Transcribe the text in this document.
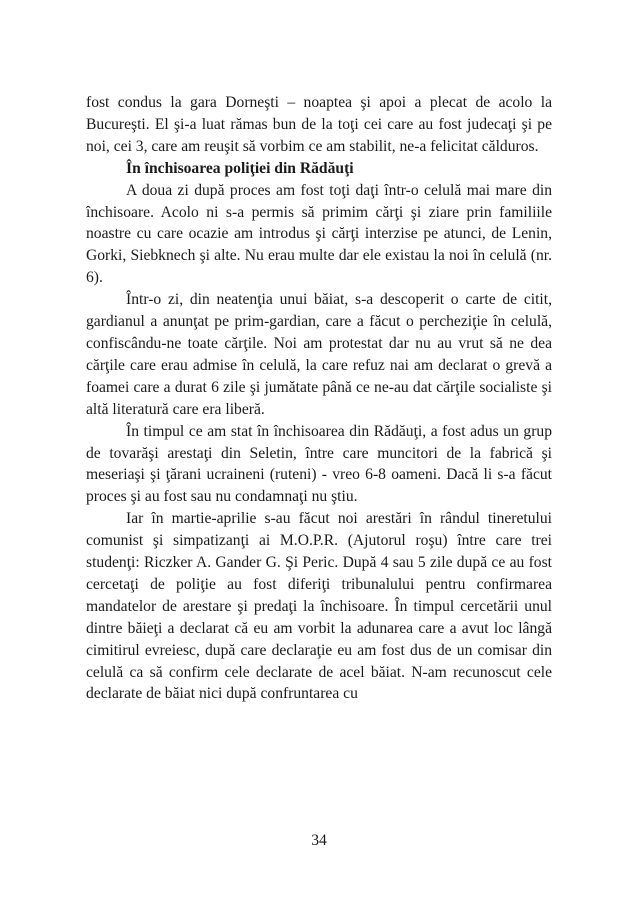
fost condus la gara Dorneşti – noaptea şi apoi a plecat de acolo la Bucureşti. El şi-a luat rămas bun de la toţi cei care au fost judecaţi şi pe noi, cei 3, care am reuşit să vorbim ce am stabilit, ne-a felicitat călduros.

În închisoarea poliţiei din Rădăuţi

A doua zi după proces am fost toţi daţi într-o celulă mai mare din închisoare. Acolo ni s-a permis să primim cărţi şi ziare prin familiile noastre cu care ocazie am introdus şi cărţi interzise pe atunci, de Lenin, Gorki, Siebknech şi alte. Nu erau multe dar ele existau la noi în celulă (nr. 6).

Într-o zi, din neatenţia unui băiat, s-a descoperit o carte de citit, gardianul a anunţat pe prim-gardian, care a făcut o percheziţie în celulă, confiscându-ne toate cărţile. Noi am protestat dar nu au vrut să ne dea cărţile care erau admise în celulă, la care refuz nai am declarat o grevă a foamei care a durat 6 zile şi jumătate până ce ne-au dat cărţile socialiste şi altă literatură care era liberă.

În timpul ce am stat în închisoarea din Rădăuţi, a fost adus un grup de tovarăşi arestaţi din Seletin, între care muncitori de la fabrică şi meseriaşi şi ţărani ucraineni (ruteni) - vreo 6-8 oameni. Dacă li s-a făcut proces şi au fost sau nu condamnaţi nu ştiu.

Iar în martie-aprilie s-au făcut noi arestări în rândul tineretului comunist şi simpatizanţi ai M.O.P.R. (Ajutorul roşu) între care trei studenţi: Riczker A. Gander G. Şi Peric. După 4 sau 5 zile după ce au fost cercetaţi de poliţie au fost diferiţi tribunalului pentru confirmarea mandatelor de arestare şi predaţi la închisoare. În timpul cercetării unul dintre băieţi a declarat că eu am vorbit la adunarea care a avut loc lângă cimitirul evreiesc, după care declaraţie eu am fost dus de un comisar din celulă ca să confirm cele declarate de acel băiat. N-am recunoscut cele declarate de băiat nici după confruntarea cu

34
